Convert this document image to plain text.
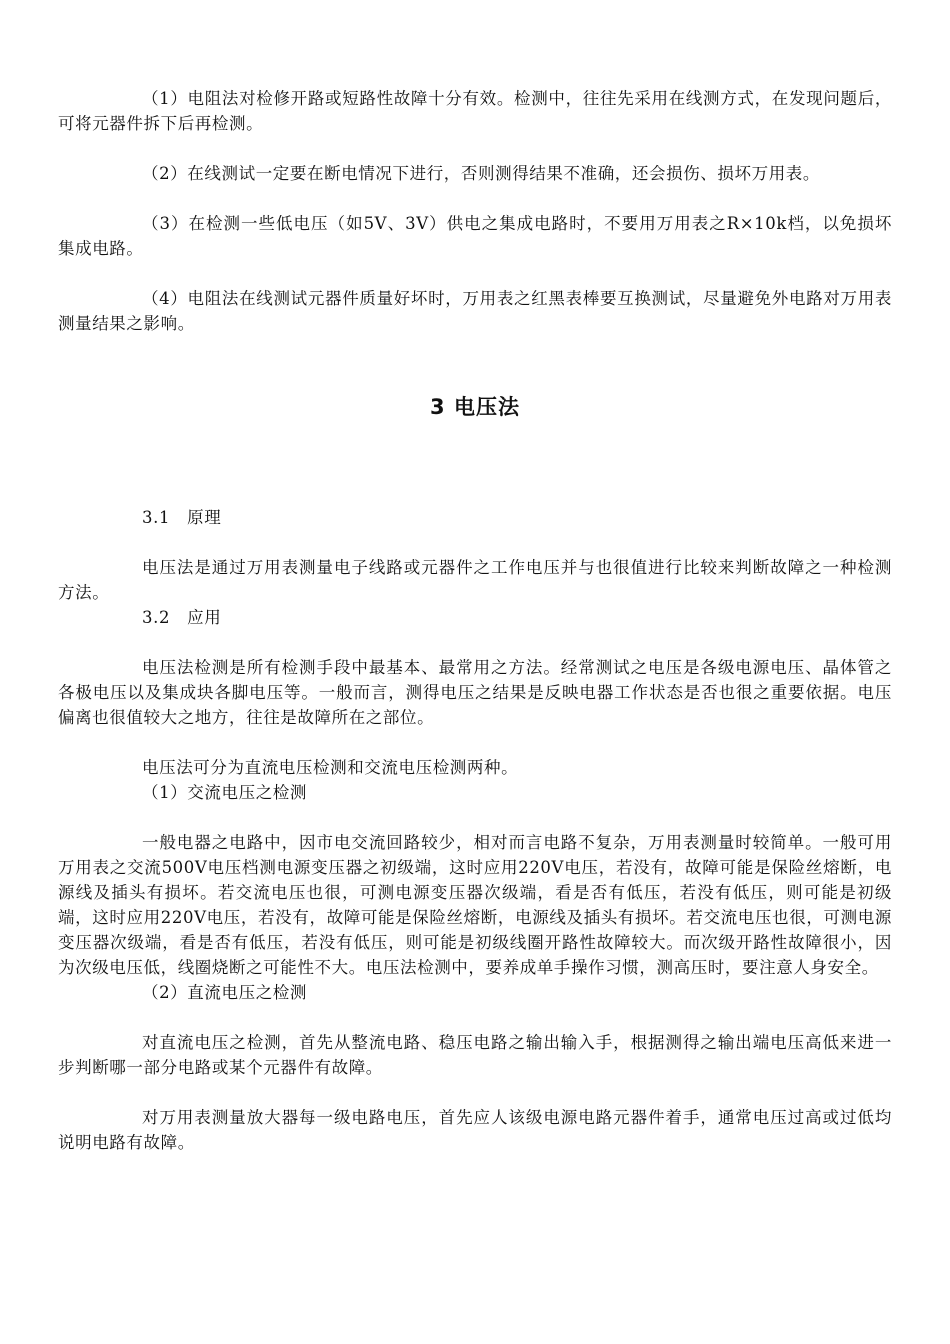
（1）电阻法对检修开路或短路性故障十分有效。检测中，往往先采用在线测方式，在发现问题后，可将元器件拆下后再检测。

（2）在线测试一定要在断电情况下进行，否则测得结果不准确，还会损伤、损坏万用表。

（3）在检测一些低电压（如5V、3V）供电之集成电路时，不要用万用表之R×10k档，以免损坏集成电路。

（4）电阻法在线测试元器件质量好坏时，万用表之红黑表棒要互换测试，尽量避免外电路对万用表测量结果之影响。

3 电压法

3.1　原理

电压法是通过万用表测量电子线路或元器件之工作电压并与也很值进行比较来判断故障之一种检测方法。

3.2　应用

电压法检测是所有检测手段中最基本、最常用之方法。经常测试之电压是各级电源电压、晶体管之各极电压以及集成块各脚电压等。一般而言，测得电压之结果是反映电器工作状态是否也很之重要依据。电压偏离也很值较大之地方，往往是故障所在之部位。

电压法可分为直流电压检测和交流电压检测两种。

（1）交流电压之检测

一般电器之电路中，因市电交流回路较少，相对而言电路不复杂，万用表测量时较简单。一般可用万用表之交流500V电压档测电源变压器之初级端，这时应用220V电压，若没有，故障可能是保险丝熔断，电源线及插头有损坏。若交流电压也很，可测电源变压器次级端，看是否有低压，若没有低压，则可能是初级端，这时应用220V电压，若没有，故障可能是保险丝熔断，电源线及插头有损坏。若交流电压也很，可测电源变压器次级端，看是否有低压，若没有低压，则可能是初级线圈开路性故障较大。而次级开路性故障很小，因为次级电压低，线圈烧断之可能性不大。电压法检测中，要养成单手操作习惯，测高压时，要注意人身安全。

（2）直流电压之检测

对直流电压之检测，首先从整流电路、稳压电路之输出输入手，根据测得之输出端电压高低来进一步判断哪一部分电路或某个元器件有故障。

对万用表测量放大器每一级电路电压，首先应人该级电源电路元器件着手，通常电压过高或过低均说明电路有故障。
